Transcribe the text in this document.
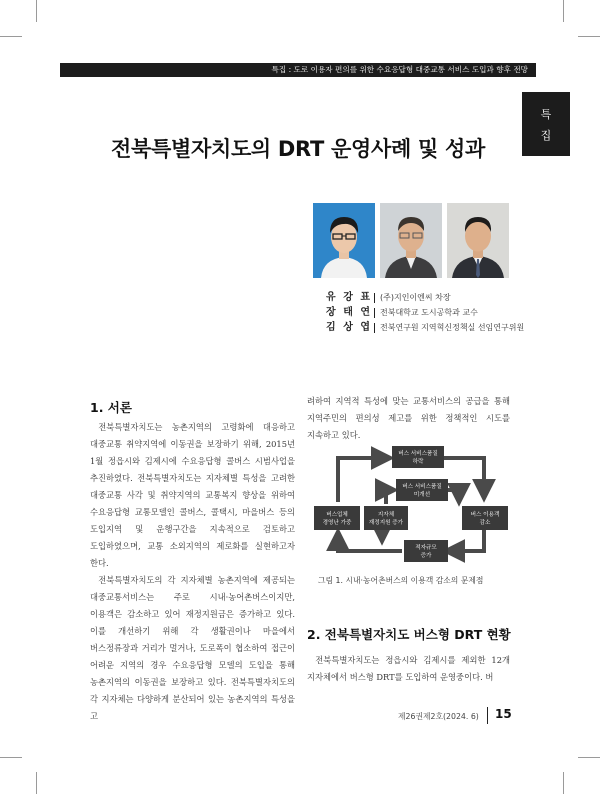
특집 : 도로 이용자 편의를 위한 수요응답형 대중교통 서비스 도입과 향후 전망
특
집
전북특별자치도의 DRT 운영사례 및 성과
유 강 표 (주)지인이엔씨 차장
장 태 연 전북대학교 도시공학과 교수
김 상 엽 전북연구원 지역혁신정책실 선임연구위원
1. 서론

전북특별자치도는 농촌지역의 고령화에 대응하고 대중교통 취약지역에 이동권을 보장하기 위해, 2015년 1월 정읍시와 김제시에 수요응답형 콜버스 시범사업을 추진하였다. 전북특별자치도는 지자체별 특성을 고려한 대중교통 사각 및 취약지역의 교통복지 향상을 위하여 수요응답형 교통모델인 콜버스, 콜택시, 마을버스 등의 도입지역 및 운행구간을 지속적으로 검토하고 도입하였으며, 교통 소외지역의 제로화를 실현하고자 한다.

전북특별자치도의 각 지자체별 농촌지역에 제공되는 대중교통서비스는 주로 시내·농어촌버스이지만, 이용객은 감소하고 있어 재정지원금은 증가하고 있다. 이를 개선하기 위해 각 생활권이나 마을에서 버스정류장과 거리가 멀거나, 도로폭이 협소하여 접근이 어려운 지역의 경우 수요응답형 모델의 도입을 통해 농촌지역의 이동권을 보장하고 있다. 전북특별자치도의 각 지자체는 다양하게 분산되어 있는 농촌지역의 특성을 고

려하여 지역적 특성에 맞는 교통서비스의 공급을 통해 지역주민의 편의성 제고를 위한 정책적인 시도를 지속하고 있다.

버스 서비스품질
하락
버스 서비스품질
미개선
버스업체
경영난 가중
지자체
재정지원 증가
버스 이용객
감소
적자규모
증가
그림 1. 시내·농어촌버스의 이용객 감소의 문제점
2. 전북특별자치도 버스형 DRT 현황

전북특별자치도는 정읍시와 김제시를 제외한 12개 지자체에서 버스형 DRT를 도입하여 운영중이다. 버

제26권제2호(2024. 6) 15
